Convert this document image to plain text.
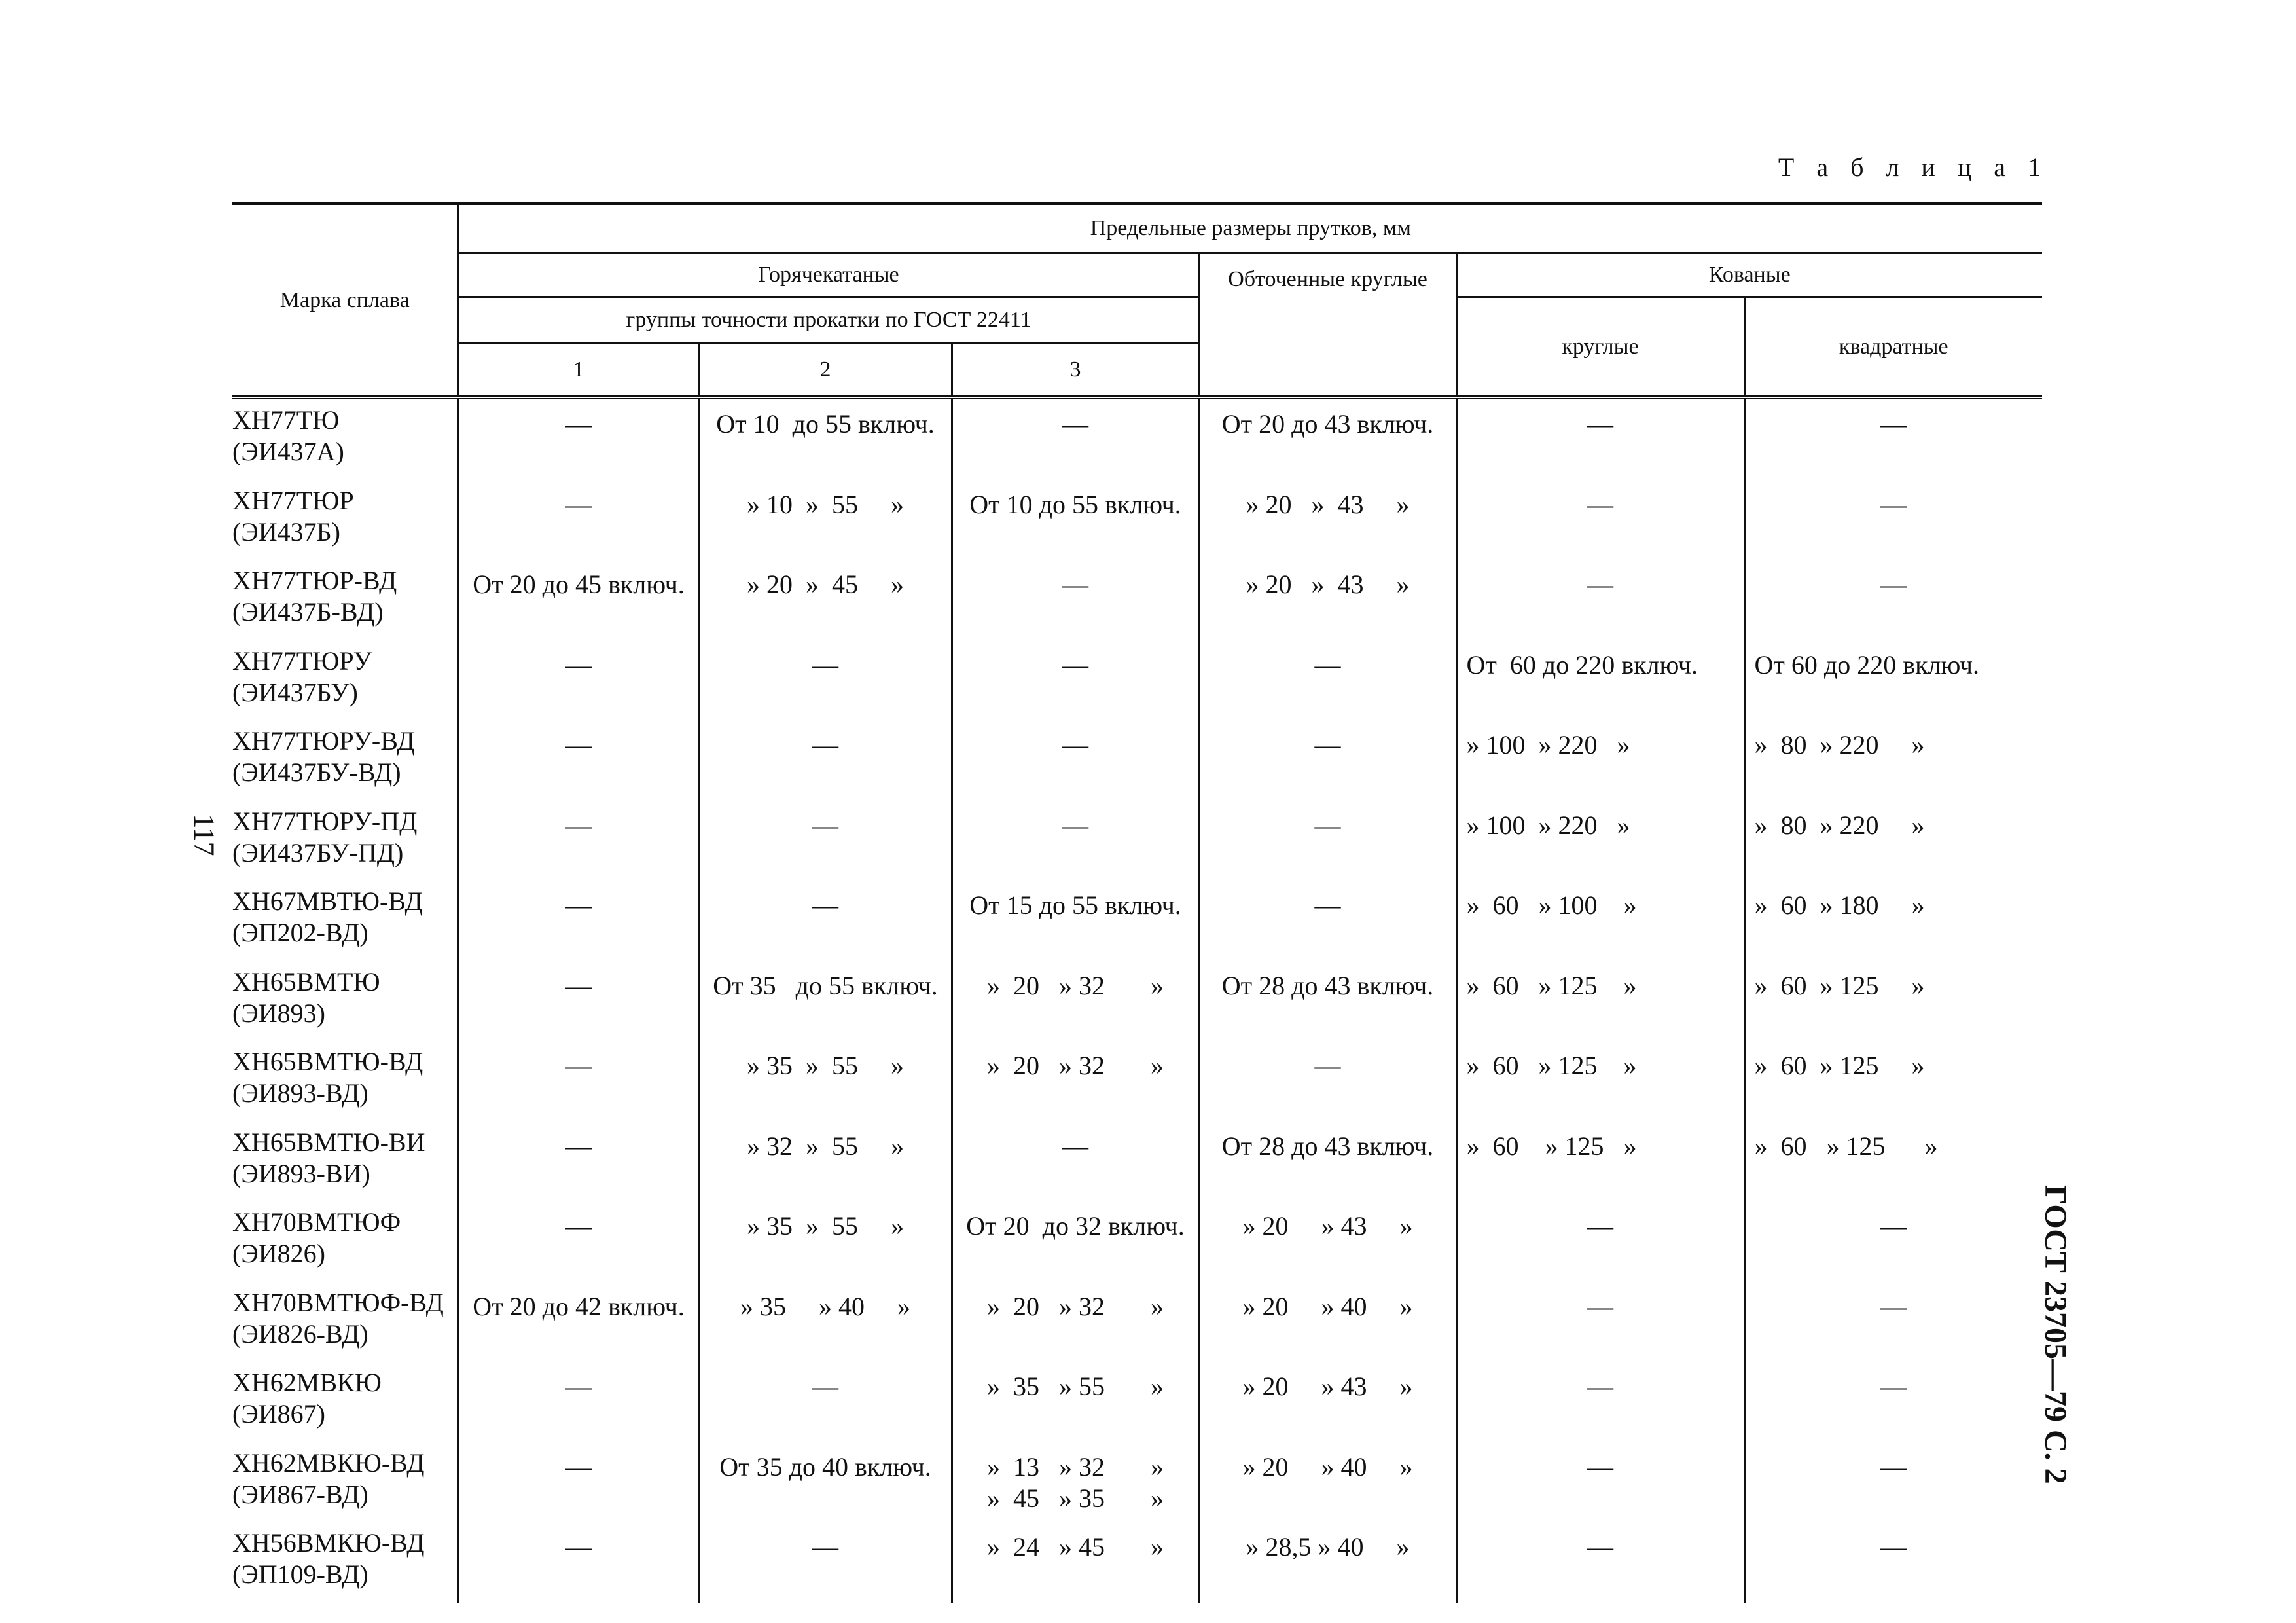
Т а б л и ц а 1
Марка сплава	Предельные размеры прутков, мм					
	Горячекатаные			Обточенные круглые	Кованые	
	группы точности прокатки по ГОСТ 22411				круглые	квадратные
	1	2	3			
ХН77ТЮ
(ЭИ437А)	—	От 10  до 55 включ.	—	От 20 до 43 включ.	—	—
ХН77ТЮР
(ЭИ437Б)	—	» 10  »  55     »	От 10 до 55 включ.	» 20   »  43     »	—	—
ХН77ТЮР-ВД
(ЭИ437Б-ВД)	От 20 до 45 включ.	» 20  »  45     »	—	» 20   »  43     »	—	—
ХН77ТЮРУ
(ЭИ437БУ)	—	—	—	—	От  60 до 220 включ.	От 60 до 220 включ.
ХН77ТЮРУ-ВД
(ЭИ437БУ-ВД)	—	—	—	—	» 100  » 220   »	»  80  » 220     »
ХН77ТЮРУ-ПД
(ЭИ437БУ-ПД)	—	—	—	—	» 100  » 220   »	»  80  » 220     »
ХН67МВТЮ-ВД
(ЭП202-ВД)	—	—	От 15 до 55 включ.	—	»  60   » 100    »	»  60  » 180     »
ХН65ВМТЮ
(ЭИ893)	—	От 35   до 55 включ.	»  20   » 32       »	От 28 до 43 включ.	»  60   » 125    »	»  60  » 125     »
ХН65ВМТЮ-ВД
(ЭИ893-ВД)	—	» 35  »  55     »	»  20   » 32       »	—	»  60   » 125    »	»  60  » 125     »
ХН65ВМТЮ-ВИ
(ЭИ893-ВИ)	—	» 32  »  55     »	—	От 28 до 43 включ.	»  60    » 125   »	»  60   » 125      »
ХН70ВМТЮФ
(ЭИ826)	—	» 35  »  55     »	От 20  до 32 включ.	» 20     » 43     »	—	—
ХН70ВМТЮФ-ВД
(ЭИ826-ВД)	От 20 до 42 включ.	» 35     » 40     »	»  20   » 32       »	» 20     » 40     »	—	—
ХН62МВКЮ
(ЭИ867)	—	—	»  35   » 55       »	» 20     » 43     »	—	—
ХН62МВКЮ-ВД
(ЭИ867-ВД)	—	От 35 до 40 включ.	»  13   » 32       »
»  45   » 35       »	» 20     » 40     »	—	—
ХН56ВМКЮ-ВД
(ЭП109-ВД)	—	—	»  24   » 45       »	» 28,5 » 40     »	—	—
117
ГОСТ 23705—79 С. 2
